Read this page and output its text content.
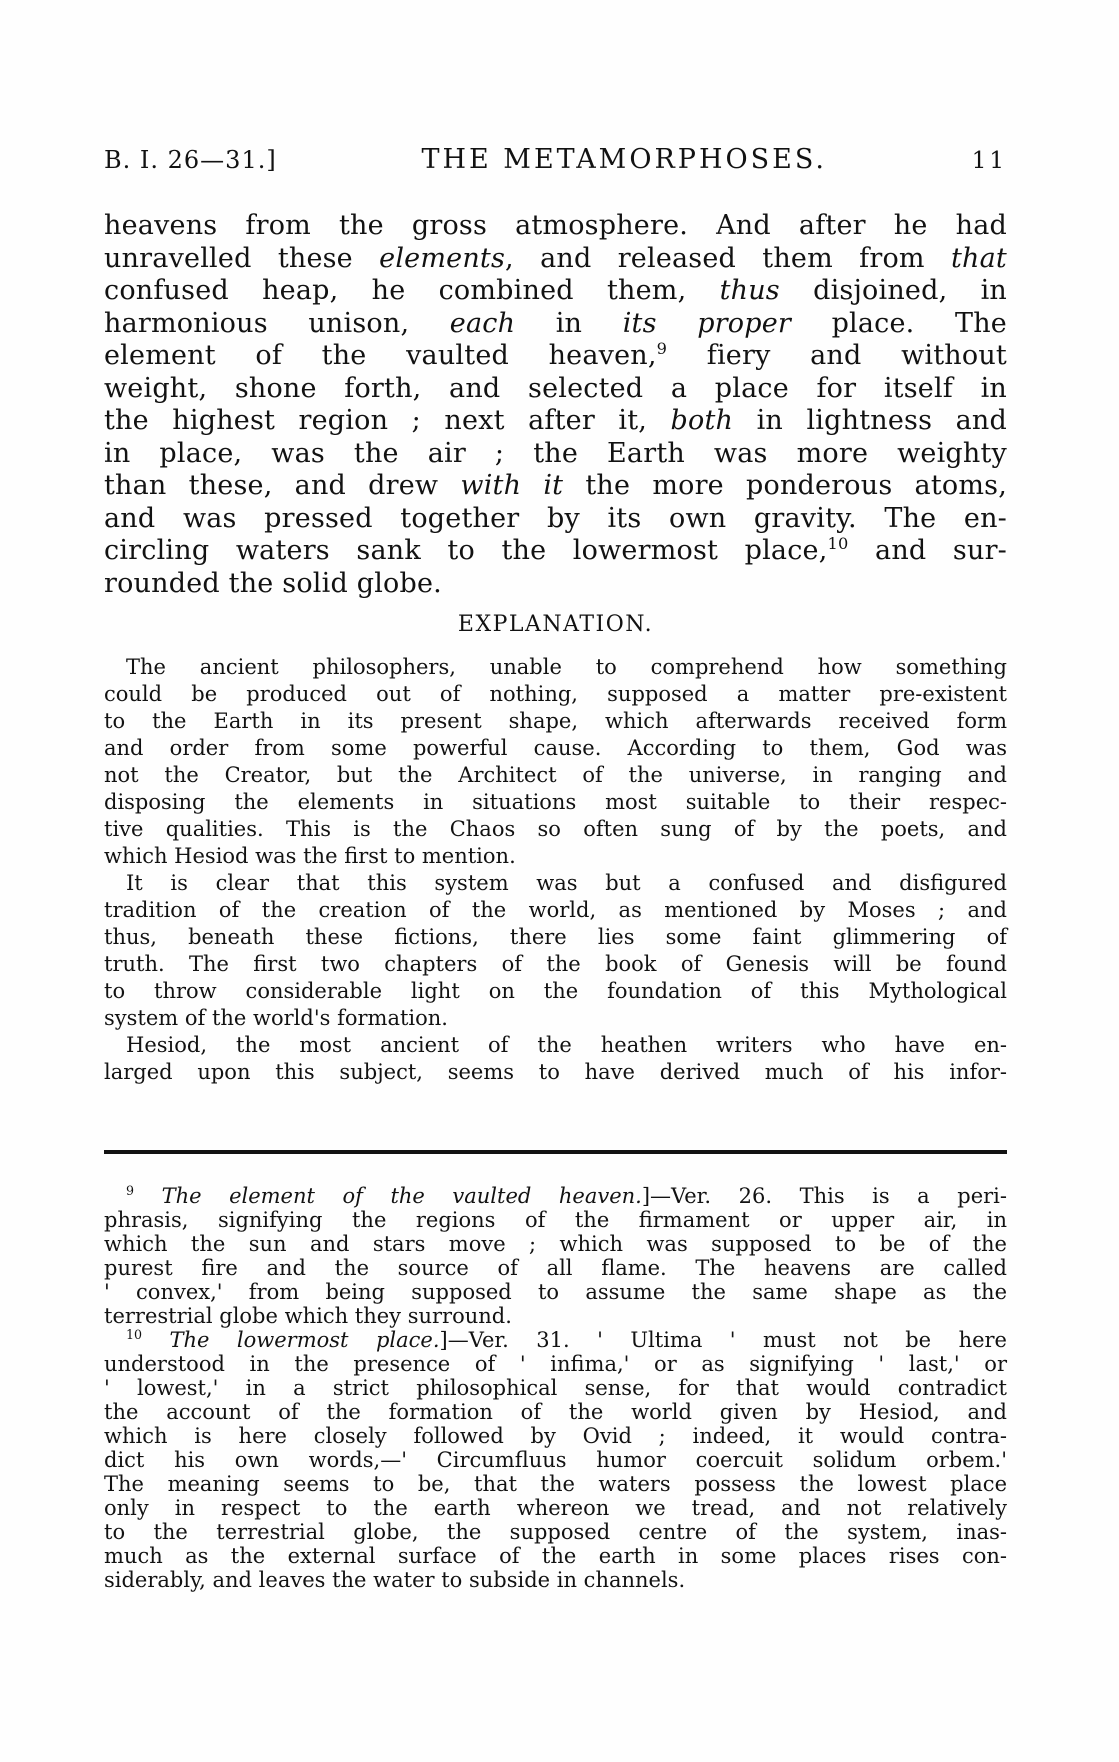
B. I. 26—31.]	THE METAMORPHOSES.	11
heavens from the gross atmosphere. And after he had
unravelled these elements, and released them from that
confused heap, he combined them, thus disjoined, in
harmonious unison, each in its proper place. The
element of the vaulted heaven,$^9$ fiery and without
weight, shone forth, and selected a place for itself in
the highest region ; next after it, both in lightness and
in place, was the air ; the Earth was more weighty
than these, and drew with it the more ponderous atoms,
and was pressed together by its own gravity. The en-
circling waters sank to the lowermost place,$^{10}$ and sur-
rounded the solid globe.
EXPLANATION.
The ancient philosophers, unable to comprehend how something
could be produced out of nothing, supposed a matter pre-existent
to the Earth in its present shape, which afterwards received form
and order from some powerful cause. According to them, God was
not the Creator, but the Architect of the universe, in ranging and
disposing the elements in situations most suitable to their respec-
tive qualities. This is the Chaos so often sung of by the poets, and
which Hesiod was the first to mention.
It is clear that this system was but a confused and disfigured
tradition of the creation of the world, as mentioned by Moses ; and
thus, beneath these fictions, there lies some faint glimmering of
truth. The first two chapters of the book of Genesis will be found
to throw considerable light on the foundation of this Mythological
system of the world's formation.
Hesiod, the most ancient of the heathen writers who have en-
larged upon this subject, seems to have derived much of his infor-
$^9$ The element of the vaulted heaven.]—Ver. 26. This is a peri-
phrasis, signifying the regions of the firmament or upper air, in
which the sun and stars move ; which was supposed to be of the
purest fire and the source of all flame. The heavens are called
' convex,' from being supposed to assume the same shape as the
terrestrial globe which they surround.
$^{10}$ The lowermost place.]—Ver. 31. ' Ultima ' must not be here
understood in the presence of ' infima,' or as signifying ' last,' or
' lowest,' in a strict philosophical sense, for that would contradict
the account of the formation of the world given by Hesiod, and
which is here closely followed by Ovid ; indeed, it would contra-
dict his own words,—' Circumfluus humor coercuit solidum orbem.'
The meaning seems to be, that the waters possess the lowest place
only in respect to the earth whereon we tread, and not relatively
to the terrestrial globe, the supposed centre of the system, inas-
much as the external surface of the earth in some places rises con-
siderably, and leaves the water to subside in channels.
